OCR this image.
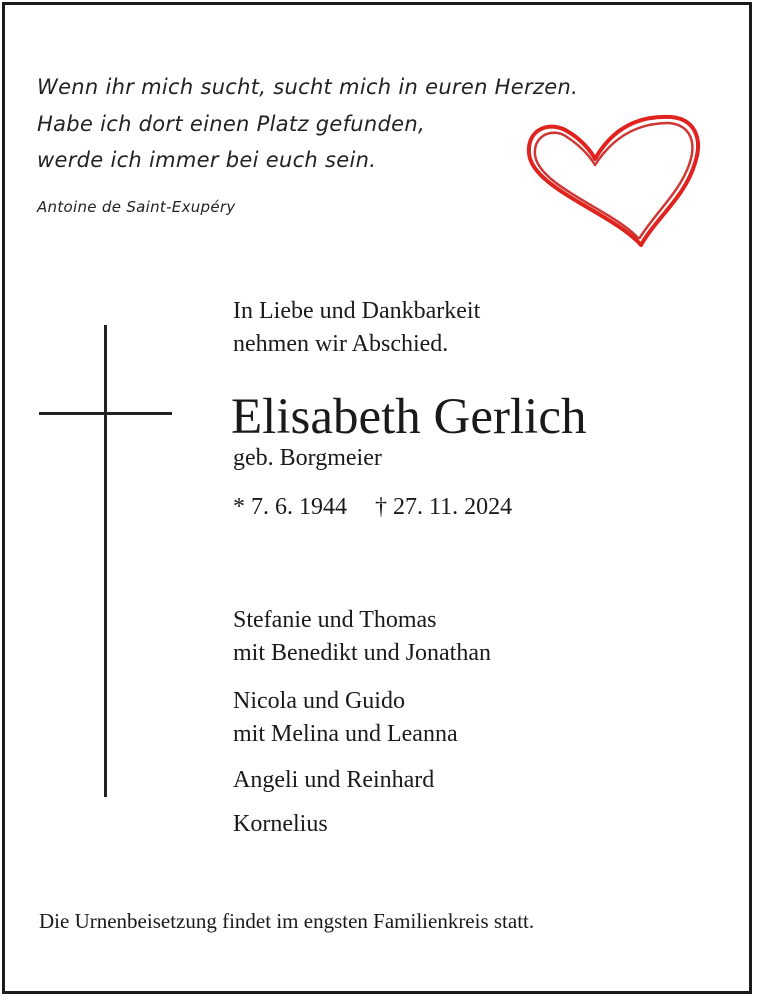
Wenn ihr mich sucht, sucht mich in euren Herzen.
Habe ich dort einen Platz gefunden,
werde ich immer bei euch sein.
Antoine de Saint-Exupéry
In Liebe und Dankbarkeit
nehmen wir Abschied.
Elisabeth Gerlich
geb. Borgmeier
* 7. 6. 1944 † 27. 11. 2024
Stefanie und Thomas
mit Benedikt und Jonathan
Nicola und Guido
mit Melina und Leanna
Angeli und Reinhard
Kornelius
Die Urnenbeisetzung findet im engsten Familienkreis statt.
